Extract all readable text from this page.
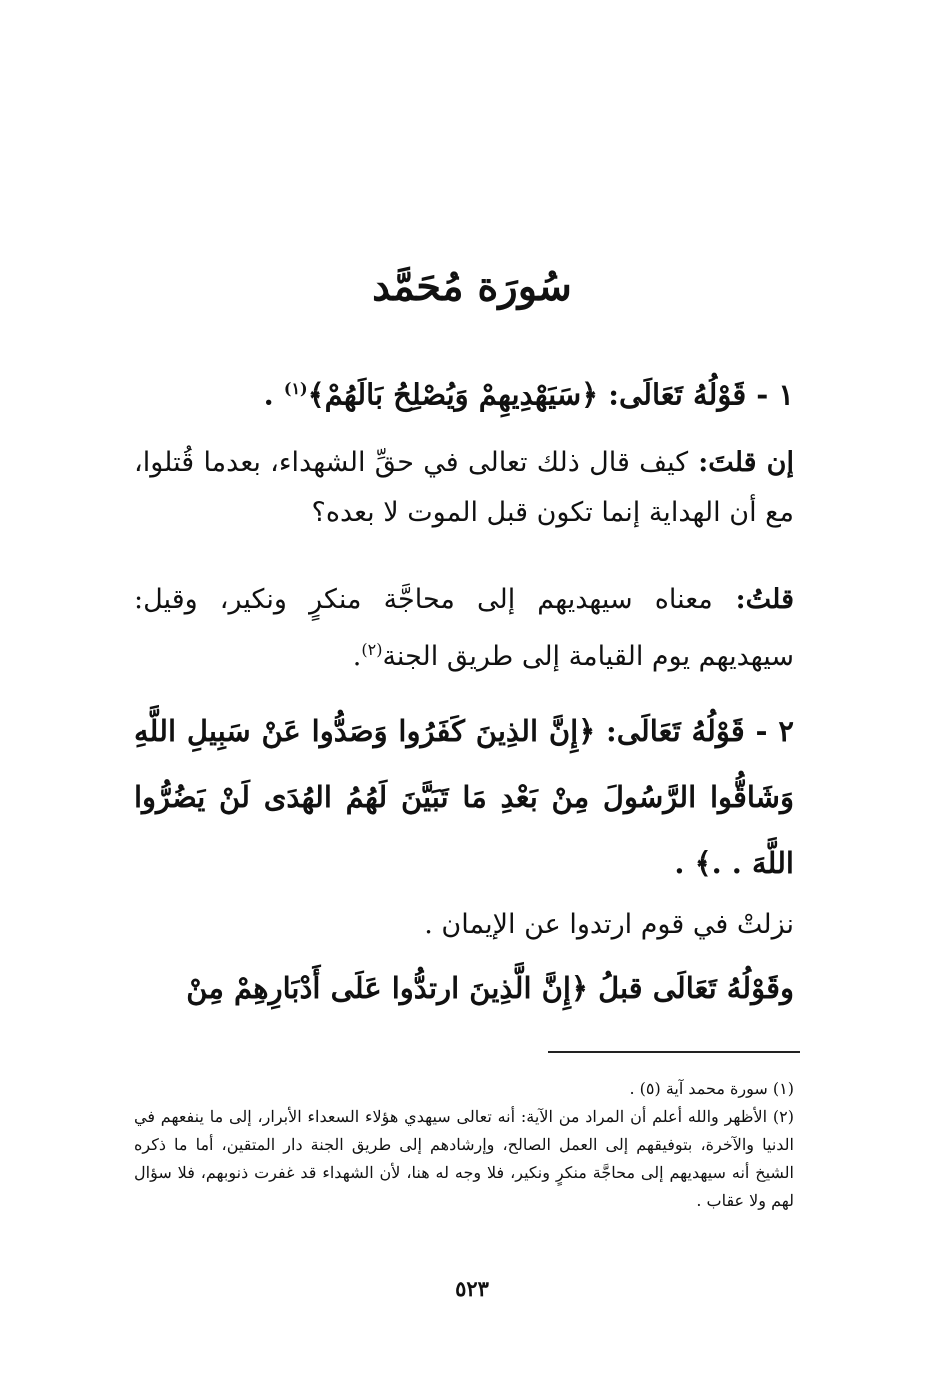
سُورَة مُحَمَّد

١ - قَوْلُهُ تَعَالَى: ﴿سَيَهْدِيهِمْ وَيُصْلِحُ بَالَهُمْ﴾$^{(١)}$ .

إن قلتَ: كيف قال ذلك تعالى في حقِّ الشهداء، بعدما قُتلوا، مع أن الهداية إنما تكون قبل الموت لا بعده؟

قلتُ: معناه سيهديهم إلى محاجَّة منكرٍ ونكير، وقيل: سيهديهم يوم القيامة إلى طريق الجنة$^{(٢)}$.

٢ - قَوْلُهُ تَعَالَى: ﴿إِنَّ الذِينَ كَفَرُوا وَصَدُّوا عَنْ سَبِيلِ اللَّهِ وَشَاقُّوا الرَّسُولَ مِنْ بَعْدِ مَا تَبَيَّنَ لَهُمُ الهُدَى لَنْ يَضُرُّوا اللَّهَ . .﴾ .

نزلتْ في قوم ارتدوا عن الإيمان .

وقَوْلُهُ تَعَالَى قبلُ ﴿إِنَّ الَّذِينَ ارتدُّوا عَلَى أَدْبَارِهِمْ مِنْ

(١) سورة محمد آية (٥) .

(٢) الأظهر والله أعلم أن المراد من الآية: أنه تعالى سيهدي هؤلاء السعداء الأبرار، إلى ما ينفعهم في الدنيا والآخرة، بتوفيقهم إلى العمل الصالح، وإرشادهم إلى طريق الجنة دار المتقين، أما ما ذكره الشيخ أنه سيهديهم إلى محاجَّة منكرٍ ونكير، فلا وجه له هنا، لأن الشهداء قد غفرت ذنوبهم، فلا سؤال لهم ولا عقاب .

٥٢٣
